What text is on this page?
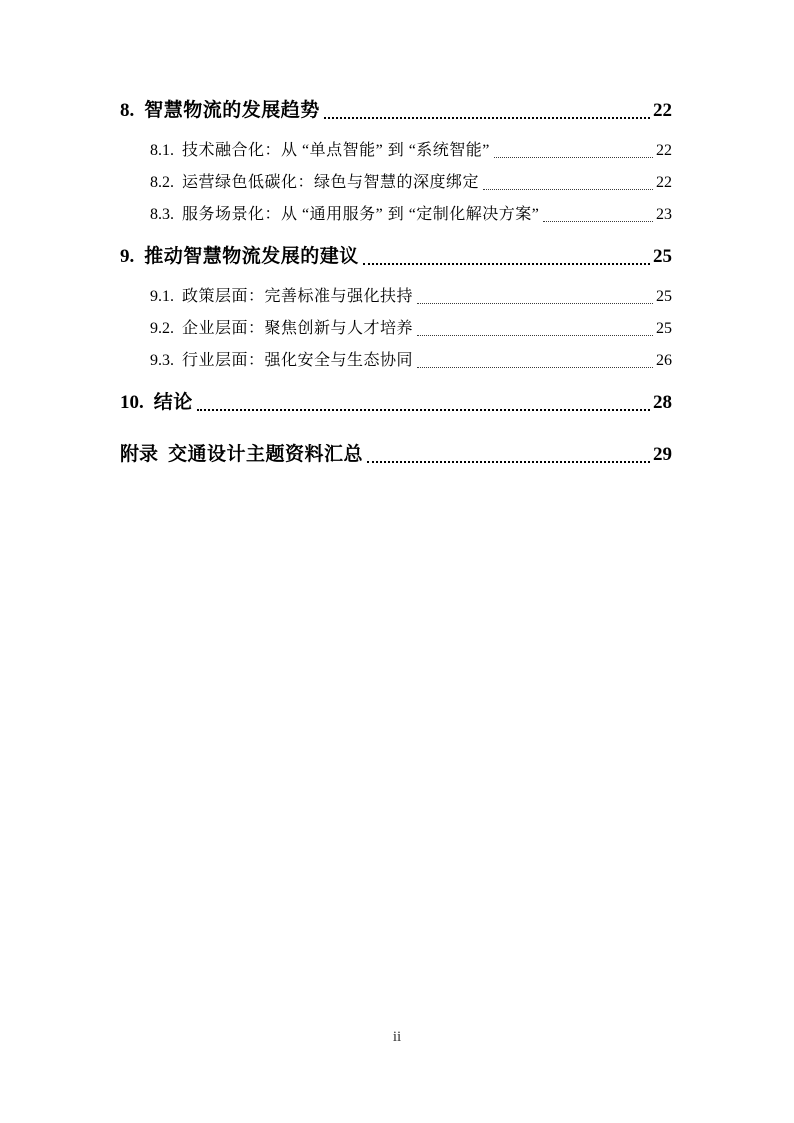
8. 智慧物流的发展趋势	22
8.1. 技术融合化：从 “单点智能” 到 “系统智能”	22
8.2. 运营绿色低碳化：绿色与智慧的深度绑定	22
8.3. 服务场景化：从 “通用服务” 到 “定制化解决方案”	23
9. 推动智慧物流发展的建议	25
9.1. 政策层面：完善标准与强化扶持	25
9.2. 企业层面：聚焦创新与人才培养	25
9.3. 行业层面：强化安全与生态协同	26
10. 结论	28
附录 交通设计主题资料汇总	29
ii
